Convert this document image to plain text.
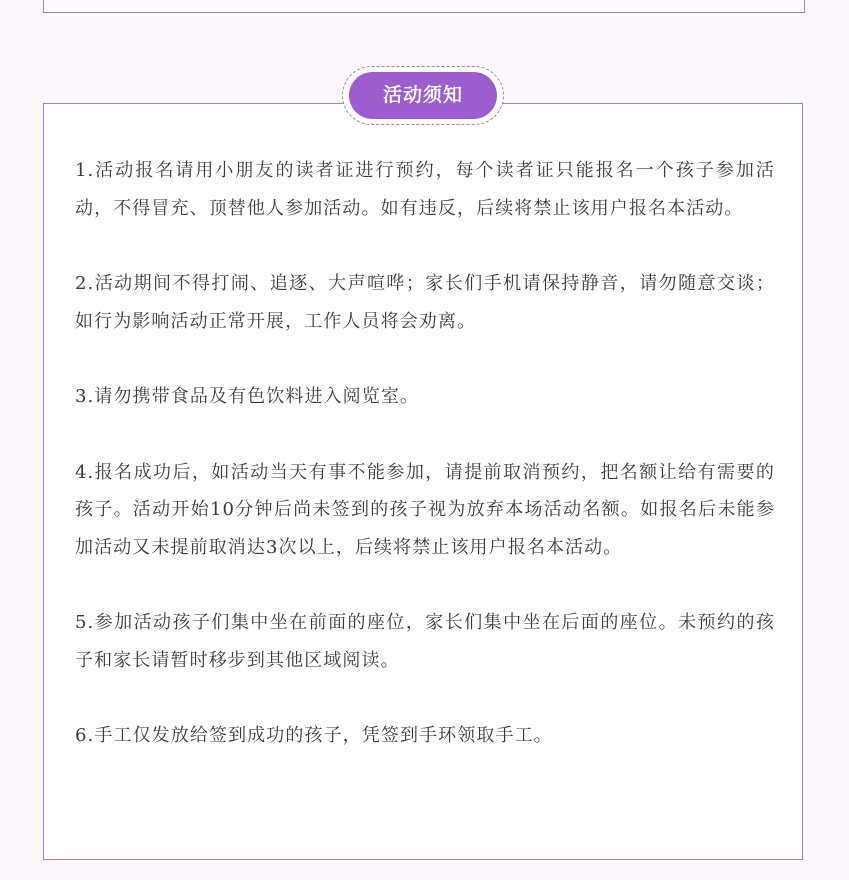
活动须知

1.活动报名请用小朋友的读者证进行预约，每个读者证只能报名一个孩子参加活动，不得冒充、顶替他人参加活动。如有违反，后续将禁止该用户报名本活动。

2.活动期间不得打闹、追逐、大声喧哗；家长们手机请保持静音，请勿随意交谈；如行为影响活动正常开展，工作人员将会劝离。

3.请勿携带食品及有色饮料进入阅览室。

4.报名成功后，如活动当天有事不能参加，请提前取消预约，把名额让给有需要的孩子。活动开始10分钟后尚未签到的孩子视为放弃本场活动名额。如报名后未能参加活动又未提前取消达3次以上，后续将禁止该用户报名本活动。

5.参加活动孩子们集中坐在前面的座位，家长们集中坐在后面的座位。未预约的孩子和家长请暂时移步到其他区域阅读。

6.手工仅发放给签到成功的孩子，凭签到手环领取手工。
